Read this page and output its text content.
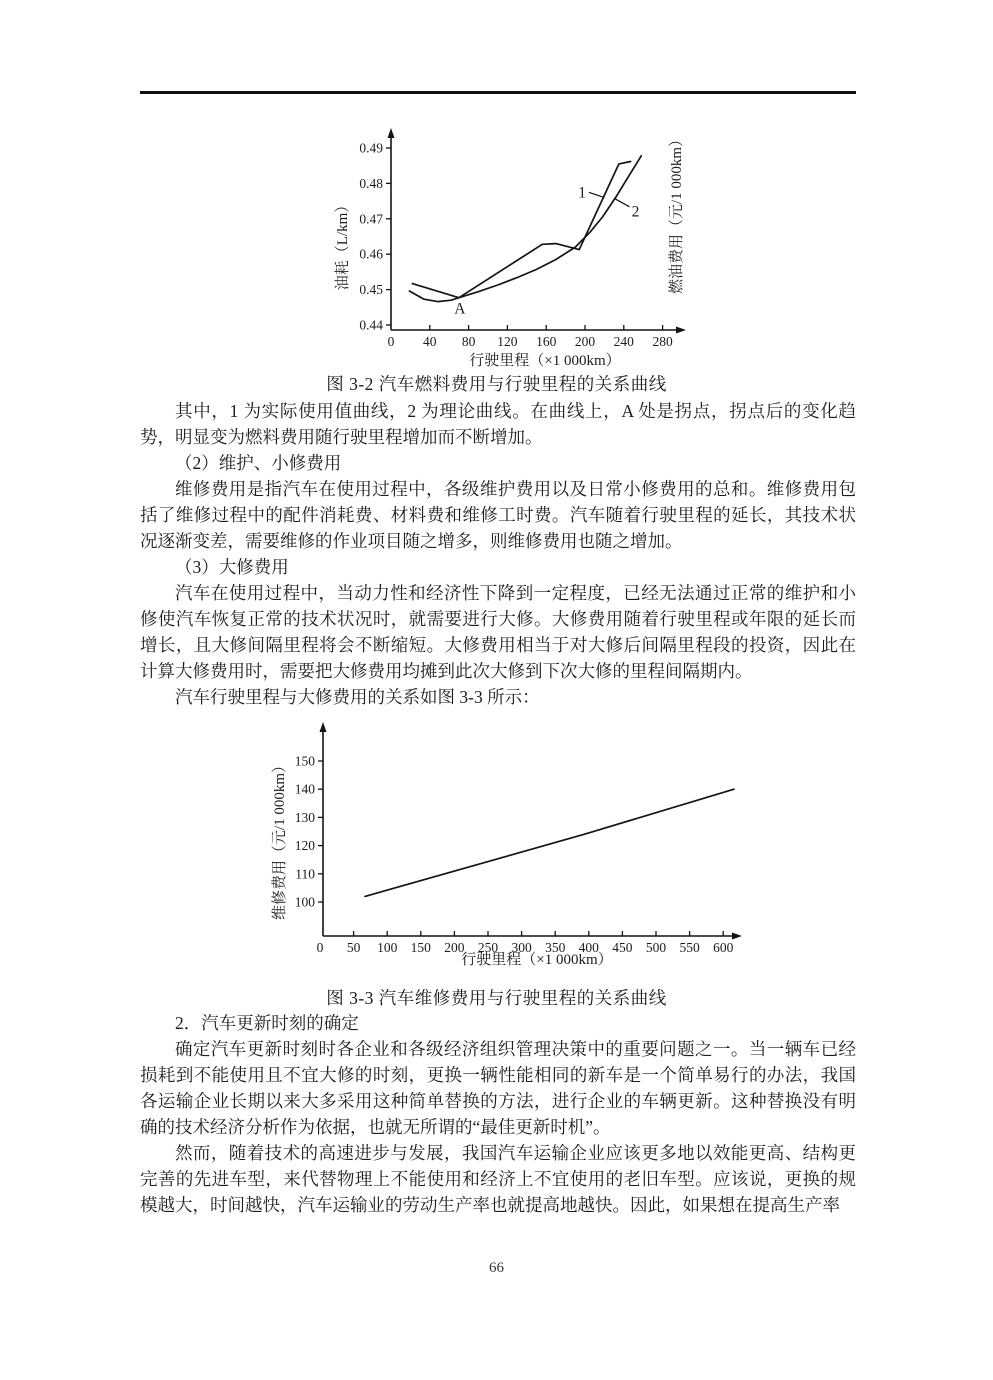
0.44
0.45
0.46
0.47
0.48
0.49
0 40 80 120 160 200 240 280
1
2
A
行驶里程（×1 000km）
油耗（L/km）	燃油费用（元/1 000km）
图 3-2 汽车燃料费用与行驶里程的关系曲线

其中，1 为实际使用值曲线，2 为理论曲线。在曲线上，A 处是拐点，拐点后的变化趋势，明显变为燃料费用随行驶里程增加而不断增加。

（2）维护、小修费用

维修费用是指汽车在使用过程中，各级维护费用以及日常小修费用的总和。维修费用包括了维修过程中的配件消耗费、材料费和维修工时费。汽车随着行驶里程的延长，其技术状况逐渐变差，需要维修的作业项目随之增多，则维修费用也随之增加。

（3）大修费用

汽车在使用过程中，当动力性和经济性下降到一定程度，已经无法通过正常的维护和小修使汽车恢复正常的技术状况时，就需要进行大修。大修费用随着行驶里程或年限的延长而增长，且大修间隔里程将会不断缩短。大修费用相当于对大修后间隔里程段的投资，因此在计算大修费用时，需要把大修费用均摊到此次大修到下次大修的里程间隔期内。

汽车行驶里程与大修费用的关系如图 3-3 所示：

100
110
120
130
140
150
0 50 100 150 200 250 300 350 400 450 500 550 600
行驶里程（×1 000km）
维修费用（元/1 000km）
图 3-3 汽车维修费用与行驶里程的关系曲线

2．汽车更新时刻的确定

确定汽车更新时刻时各企业和各级经济组织管理决策中的重要问题之一。当一辆车已经损耗到不能使用且不宜大修的时刻，更换一辆性能相同的新车是一个简单易行的办法，我国各运输企业长期以来大多采用这种简单替换的方法，进行企业的车辆更新。这种替换没有明确的技术经济分析作为依据，也就无所谓的“最佳更新时机”。

然而，随着技术的高速进步与发展，我国汽车运输企业应该更多地以效能更高、结构更完善的先进车型，来代替物理上不能使用和经济上不宜使用的老旧车型。应该说，更换的规模越大，时间越快，汽车运输业的劳动生产率也就提高地越快。因此，如果想在提高生产率

66
